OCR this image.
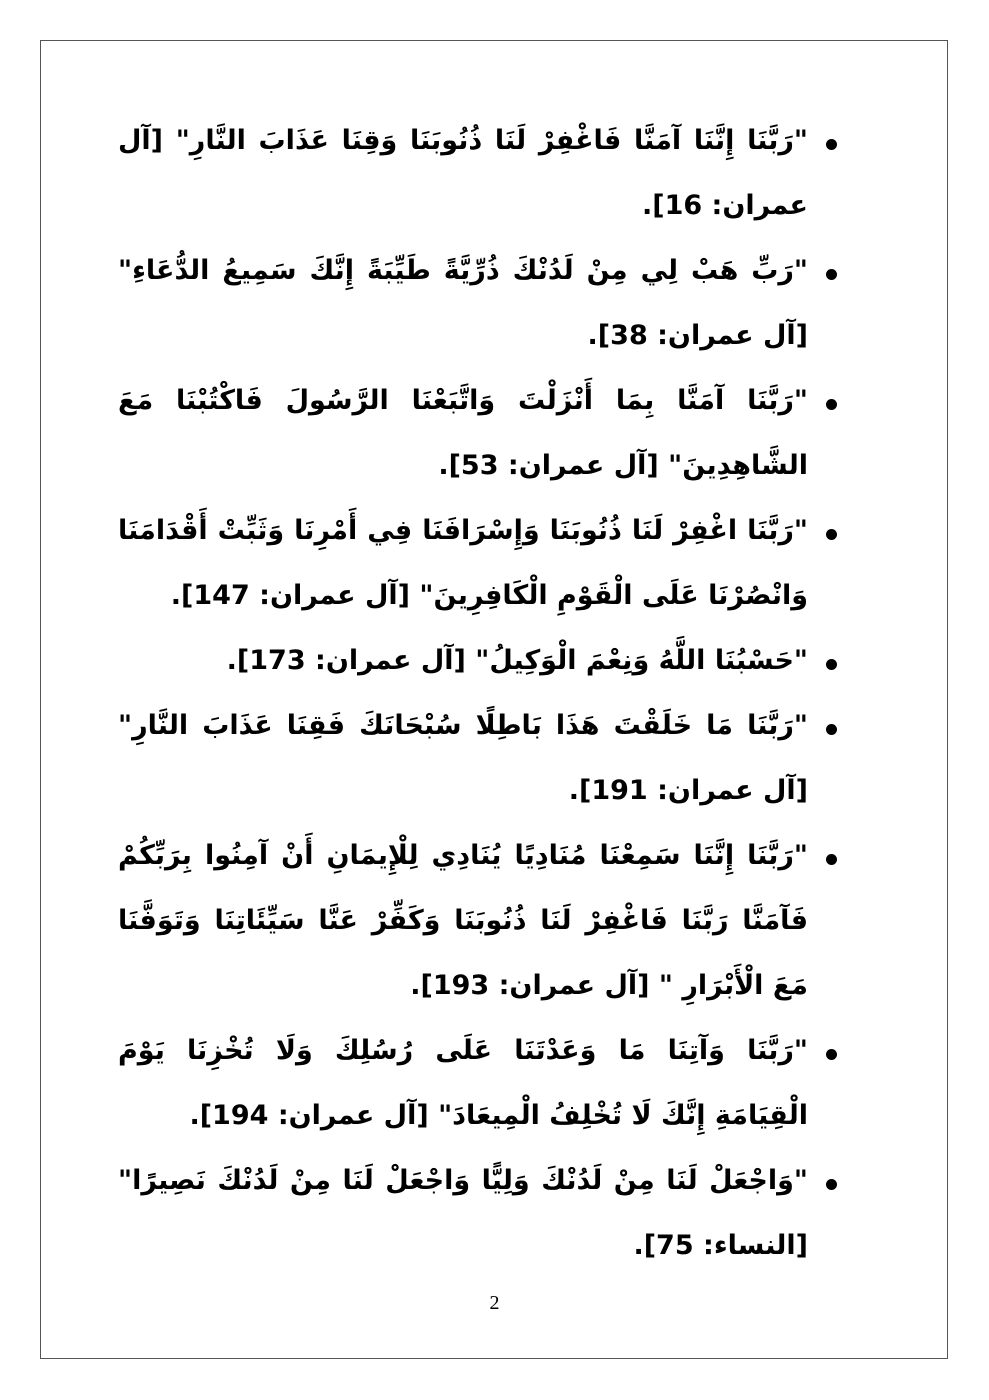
"رَبَّنَا إِنَّنَا آمَنَّا فَاغْفِرْ لَنَا ذُنُوبَنَا وَقِنَا عَذَابَ النَّارِ" [آل عمران: 16].
"رَبِّ هَبْ لِي مِنْ لَدُنْكَ ذُرِّيَّةً طَيِّبَةً إِنَّكَ سَمِيعُ الدُّعَاءِ" [آل عمران: 38].
"رَبَّنَا آمَنَّا بِمَا أَنْزَلْتَ وَاتَّبَعْنَا الرَّسُولَ فَاكْتُبْنَا مَعَ الشَّاهِدِينَ" [آل عمران: 53].
"رَبَّنَا اغْفِرْ لَنَا ذُنُوبَنَا وَإِسْرَافَنَا فِي أَمْرِنَا وَثَبِّتْ أَقْدَامَنَا وَانْصُرْنَا عَلَى الْقَوْمِ الْكَافِرِينَ" [آل عمران: 147].
"حَسْبُنَا اللَّهُ وَنِعْمَ الْوَكِيلُ" [آل عمران: 173].
"رَبَّنَا مَا خَلَقْتَ هَذَا بَاطِلًا سُبْحَانَكَ فَقِنَا عَذَابَ النَّارِ" [آل عمران: 191].
"رَبَّنَا إِنَّنَا سَمِعْنَا مُنَادِيًا يُنَادِي لِلْإِيمَانِ أَنْ آمِنُوا بِرَبِّكُمْ فَآمَنَّا رَبَّنَا فَاغْفِرْ لَنَا ذُنُوبَنَا وَكَفِّرْ عَنَّا سَيِّئَاتِنَا وَتَوَفَّنَا مَعَ الْأَبْرَارِ " [آل عمران: 193].
"رَبَّنَا وَآتِنَا مَا وَعَدْتَنَا عَلَى رُسُلِكَ وَلَا تُخْزِنَا يَوْمَ الْقِيَامَةِ إِنَّكَ لَا تُخْلِفُ الْمِيعَادَ" [آل عمران: 194].
"وَاجْعَلْ لَنَا مِنْ لَدُنْكَ وَلِيًّا وَاجْعَلْ لَنَا مِنْ لَدُنْكَ نَصِيرًا" [النساء: 75].
2
